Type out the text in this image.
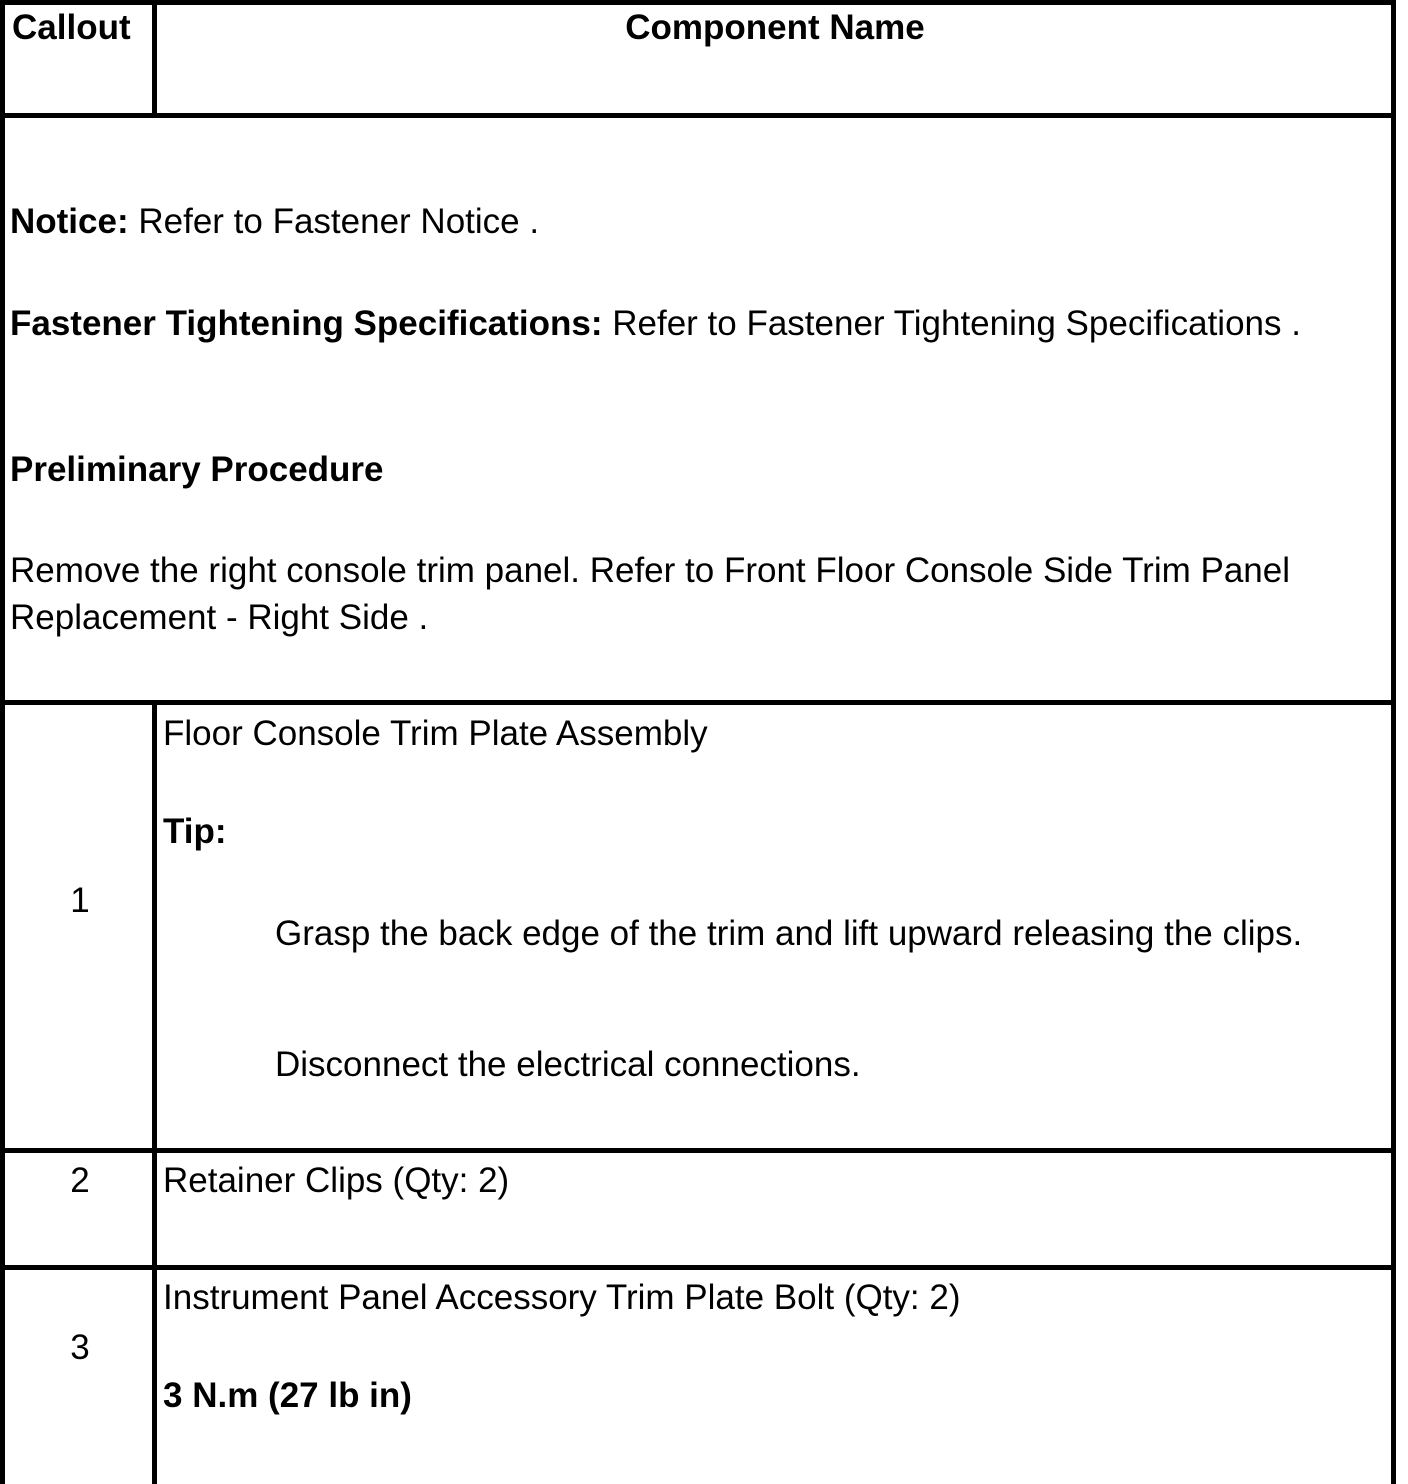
Callout	Component Name
Notice: Refer to Fastener Notice .
Fastener Tightening Specifications: Refer to Fastener Tightening Specifications .
Preliminary Procedure
Remove the right console trim panel. Refer to Front Floor Console Side Trim Panel Replacement - Right Side .
1
Floor Console Trim Plate Assembly
Tip:
Grasp the back edge of the trim and lift upward releasing the clips.
Disconnect the electrical connections.
2	Retainer Clips (Qty: 2)
3
Instrument Panel Accessory Trim Plate Bolt (Qty: 2)
3 N.m (27 lb in)
